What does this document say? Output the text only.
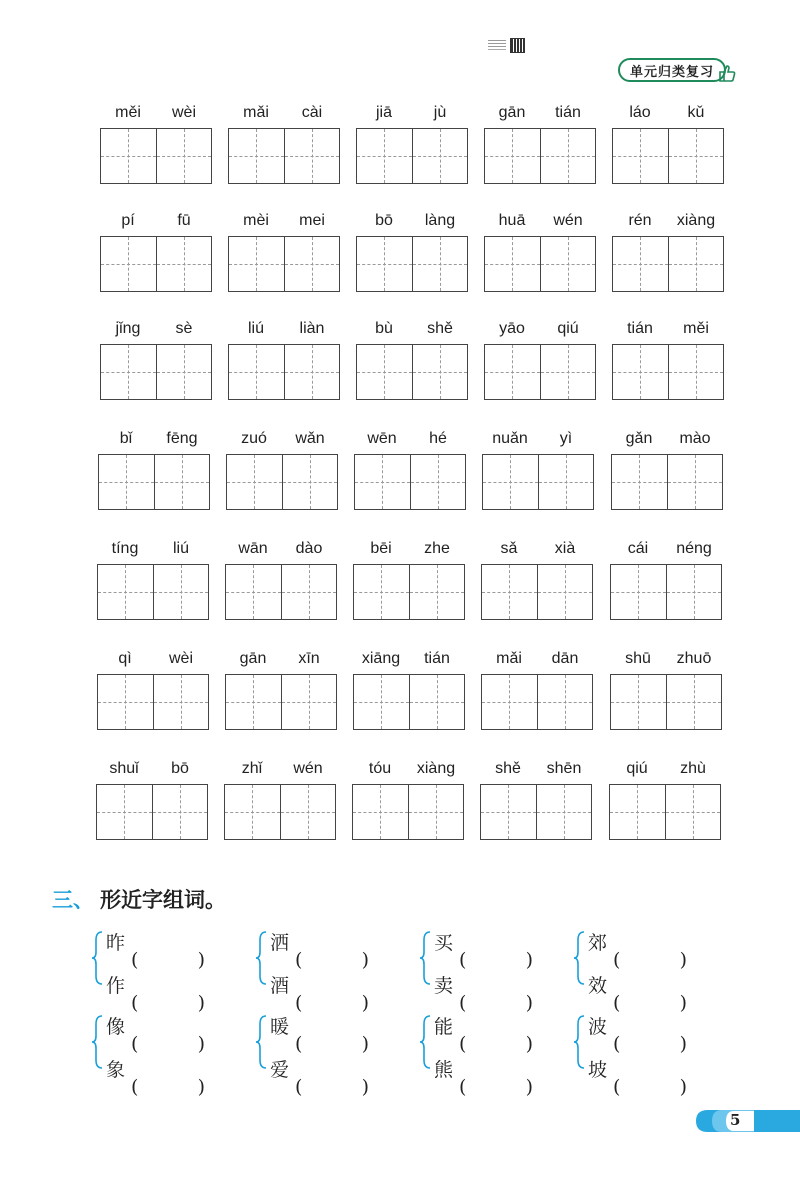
单元归类复习
měi	wèi	mǎi	cài	jiā	jù	gān	tián	láo	kǔ
pí	fū	mèi	mei	bō	làng	huā	wén	rén	xiàng
jǐng	sè	liú	liàn	bù	shě	yāo	qiú	tián	měi
bǐ	fēng	zuó	wǎn	wēn	hé	nuǎn	yì	gǎn	mào
tíng	liú	wān	dào	bēi	zhe	sǎ	xià	cái	néng
qì	wèi	gān	xīn	xiāng	tián	mǎi	dān	shū	zhuō
shuǐ	bō	zhǐ	wén	tóu	xiàng	shě	shēn	qiú	zhù
三、 形近字组词。
昨
作
洒
酒
买
卖
郊
效
像
象
暖
爱
能
熊
波
坡
5
